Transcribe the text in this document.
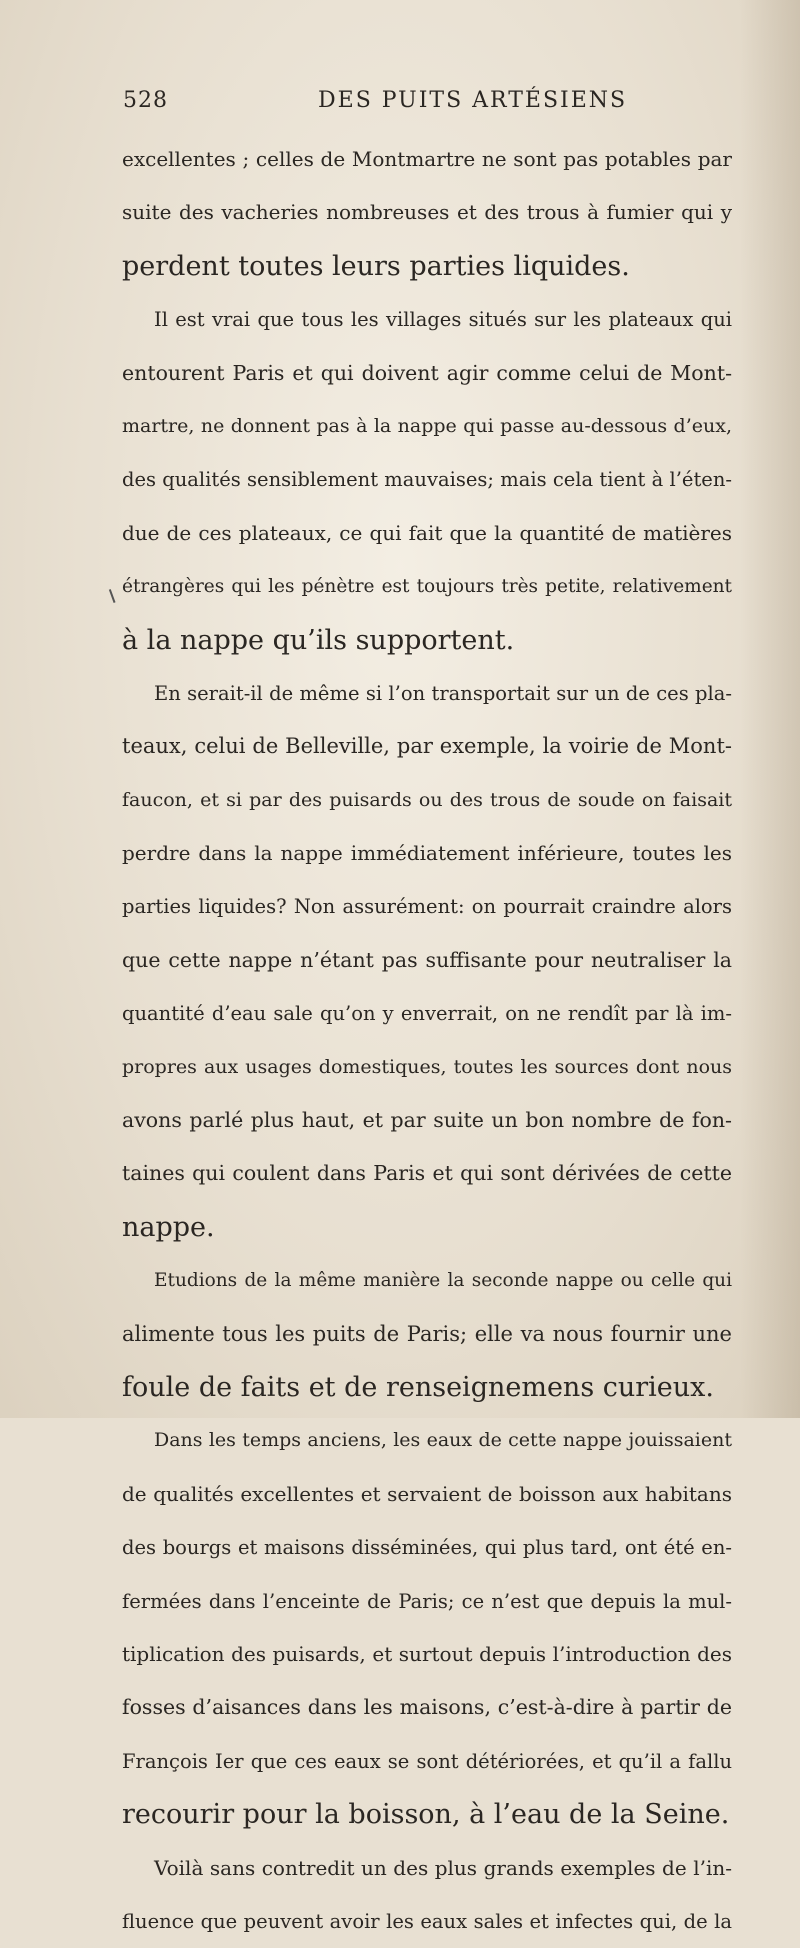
528	DES PUITS ARTÉSIENS
excellentes ; celles de Montmartre ne sont pas potables par
suite des vacheries nombreuses et des trous à fumier qui y
perdent toutes leurs parties liquides.
Il est vrai que tous les villages situés sur les plateaux qui
entourent Paris et qui doivent agir comme celui de Mont-
martre, ne donnent pas à la nappe qui passe au-dessous d’eux,
des qualités sensiblement mauvaises; mais cela tient à l’éten-
due de ces plateaux, ce qui fait que la quantité de matières
étrangères qui les pénètre est toujours très petite, relativement
à la nappe qu’ils supportent.
En serait-il de même si l’on transportait sur un de ces pla-
teaux, celui de Belleville, par exemple, la voirie de Mont-
faucon, et si par des puisards ou des trous de soude on faisait
perdre dans la nappe immédiatement inférieure, toutes les
parties liquides? Non assurément: on pourrait craindre alors
que cette nappe n’étant pas suffisante pour neutraliser la
quantité d’eau sale qu’on y enverrait, on ne rendît par là im-
propres aux usages domestiques, toutes les sources dont nous
avons parlé plus haut, et par suite un bon nombre de fon-
taines qui coulent dans Paris et qui sont dérivées de cette
nappe.
Etudions de la même manière la seconde nappe ou celle qui
alimente tous les puits de Paris; elle va nous fournir une
foule de faits et de renseignemens curieux.
Dans les temps anciens, les eaux de cette nappe jouissaient
de qualités excellentes et servaient de boisson aux habitans
des bourgs et maisons disséminées, qui plus tard, ont été en-
fermées dans l’enceinte de Paris; ce n’est que depuis la mul-
tiplication des puisards, et surtout depuis l’introduction des
fosses d’aisances dans les maisons, c’est-à-dire à partir de
François Ier que ces eaux se sont détériorées, et qu’il a fallu
recourir pour la boisson, à l’eau de la Seine.
Voilà sans contredit un des plus grands exemples de l’in-
fluence que peuvent avoir les eaux sales et infectes qui, de la
